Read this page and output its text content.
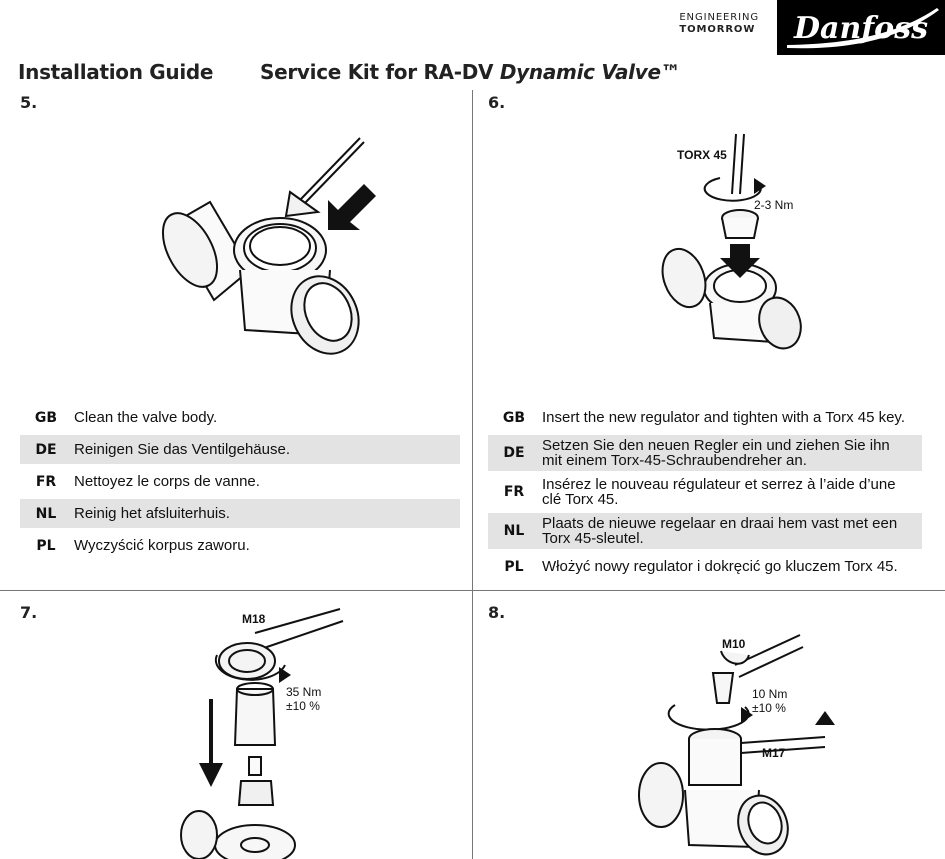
ENGINEERING
TOMORROW Danfoss
Installation Guide Service Kit for RA-DV Dynamic Valve™
5.	6.
7.	8.
GB	Clean the valve body.
DE	Reinigen Sie das Ventilgehäuse.
FR	Nettoyez le corps de vanne.
NL	Reinig het afsluiterhuis.
PL	Wyczyścić korpus zaworu.
TORX 45
2-3 Nm
GB	Insert the new regulator and tighten with a Torx 45 key.
DE	Setzen Sie den neuen Regler ein und ziehen Sie ihn
mit einem Torx-45-Schraubendreher an.
FR	Insérez le nouveau régulateur et serrez à l’aide d’une
clé Torx 45.
NL	Plaats de nieuwe regelaar en draai hem vast met een
Torx 45-sleutel.
PL	Włożyć nowy regulator i dokręcić go kluczem Torx 45.
M18
35 Nm
±10 %
M10
10 Nm
±10 %
M17
